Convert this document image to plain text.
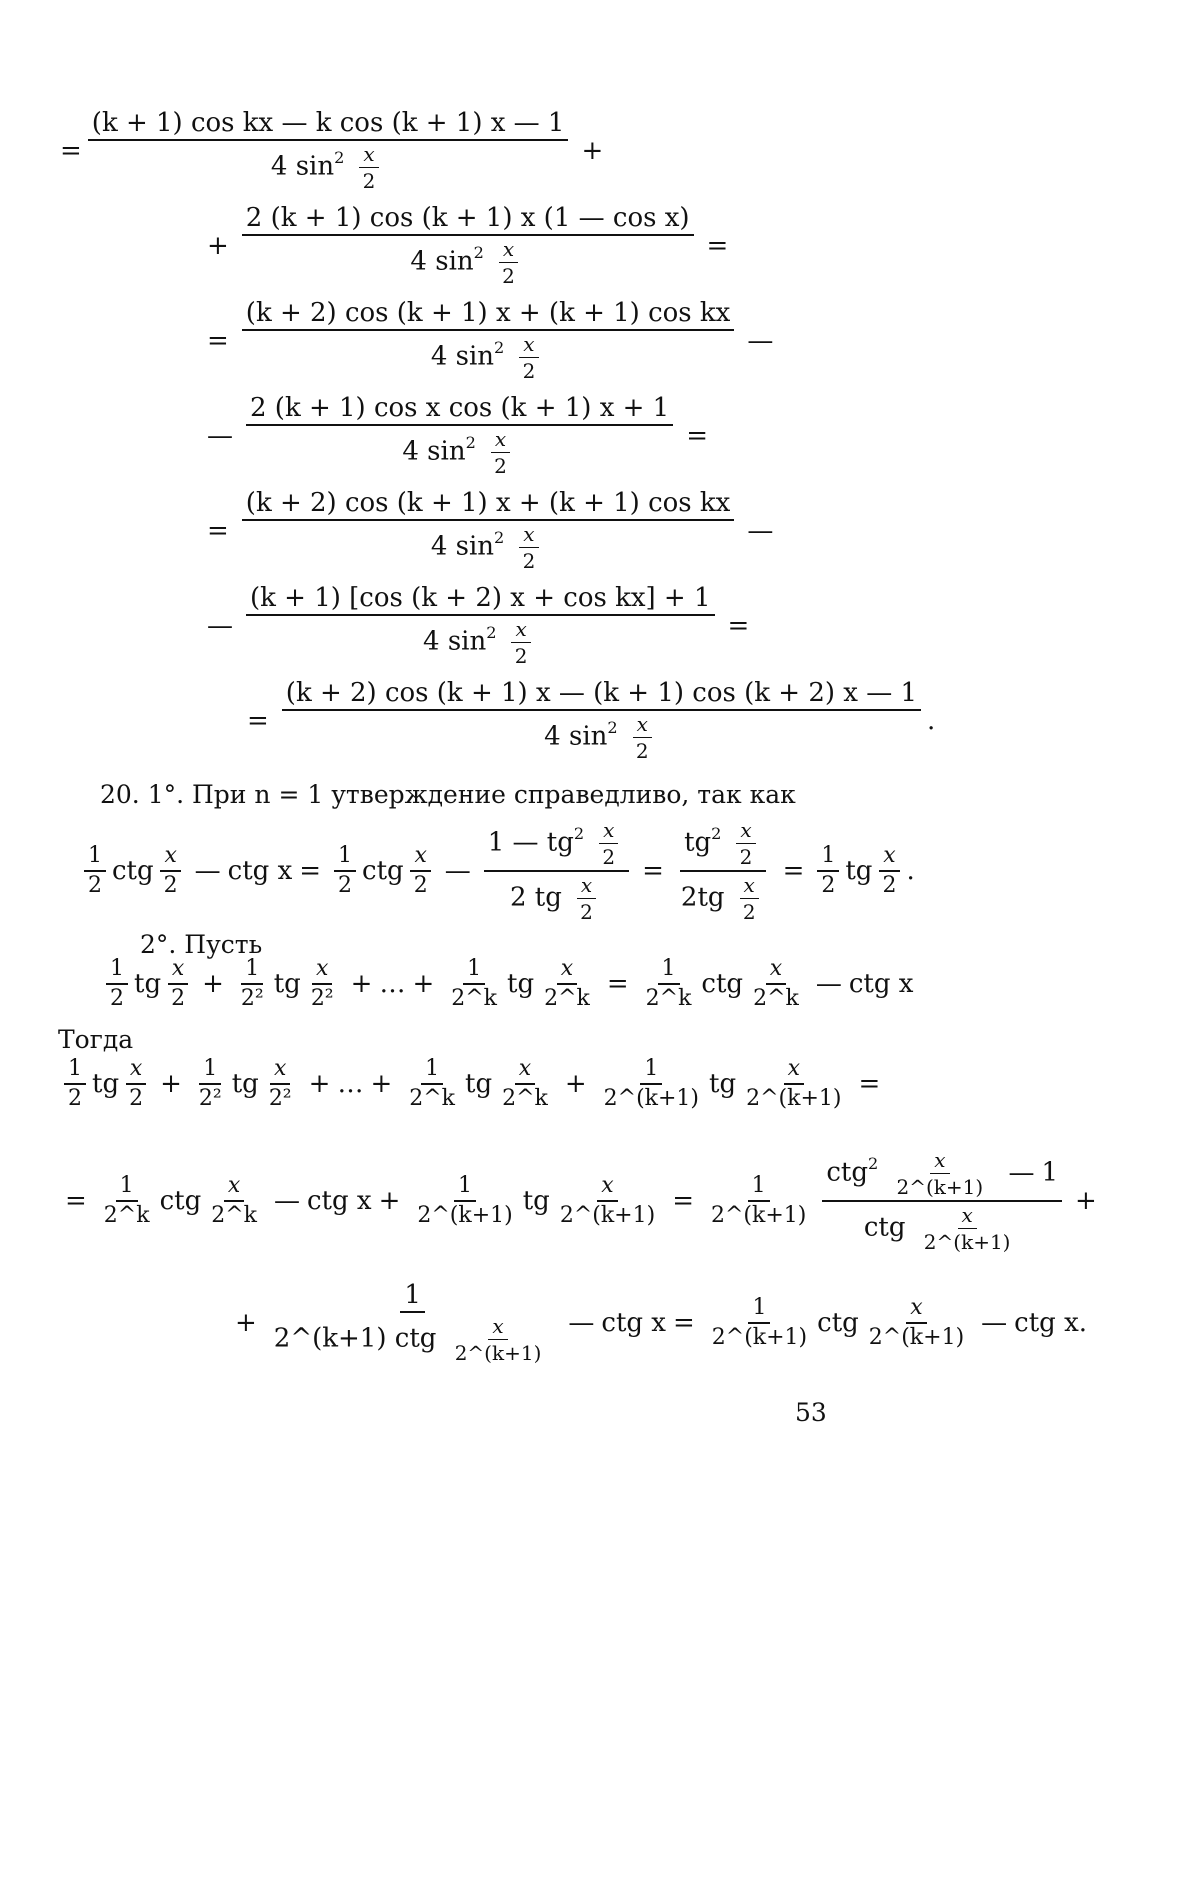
= $\frac{\text{(k + 1) cos kx — k cos (k + 1) x — 1}}{4 \sin^2 \frac{x}{2}}$ +
+ $\frac{\text{2 (k + 1) cos (k + 1) x (1 — cos x)}}{4 \sin^2 \frac{x}{2}}$ =
= $\frac{\text{(k + 2) cos (k + 1) x + (k + 1) cos kx}}{4 \sin^2 \frac{x}{2}}$ —
— $\frac{\text{2 (k + 1) cos x cos (k + 1) x + 1}}{4 \sin^2 \frac{x}{2}}$ =
= $\frac{\text{(k + 2) cos (k + 1) x + (k + 1) cos kx}}{4 \sin^2 \frac{x}{2}}$ —
— $\frac{\text{(k + 1) [cos (k + 2) x + cos kx] + 1}}{4 \sin^2 \frac{x}{2}}$ =
= $\frac{(k + 2) \cos (k + 1) x — (k + 1) \cos (k + 2) x — 1}{4 \sin^2 \frac{x}{2}}$ .
20. 1°. При n = 1 утверждение справедливо, так как
$\frac{1}{2}$ ctg $\frac{x}{2}$ — ctg $x = \frac{1}{2}$ ctg $\frac{x}{2}$ — $\frac{1 — tg^2 \frac{x}{2}}{2 tg \frac{x}{2}} = \frac{tg^2 \frac{x}{2}}{2tg \frac{x}{2}} = \frac{1}{2}$ tg $\frac{x}{2}$ .
2°. Пусть
$\frac{1}{2}$ tg $\frac{x}{2} + \frac{1}{\text{2²}}$ tg $\frac{x}{\text{2²}}$ + … + $\frac{1}{2\^{}k}$ tg $\frac{x}{2\^{}k} = \frac{1}{2\^{}k}$ ctg $\frac{x}{2\^{}k}$ — ctg x
Тогда
$\frac{1}{2}$ tg $\frac{x}{2} + \frac{1}{\text{2²}}$ tg $\frac{x}{\text{2²}}$ + … + $\frac{1}{2\^{}k}$ tg $\frac{x}{2\^{}k} + \frac{1}{2\^{}(k+1)}$ tg $\frac{x}{2\^{}(k+1)}$ =
= $\frac{1}{2\^{}k}$ ctg $\frac{x}{2\^{}k}$ — ctg $x + \frac{1}{2\^{}(k+1)}$ tg $\frac{x}{2\^{}(k+1)} = \frac{1}{2\^{}(k+1)} \frac{ctg^2 \frac{x}{2\^{}(k+1)} — 1}{ctg \frac{x}{2\^{}(k+1)}}$ +
+ $\frac{1}{2\^{}(k+1) ctg \frac{x}{2\^{}(k+1)}}$ — ctg $x = \frac{1}{2\^{}(k+1)}$ ctg $\frac{x}{2\^{}(k+1)}$ — ctg x .
53
